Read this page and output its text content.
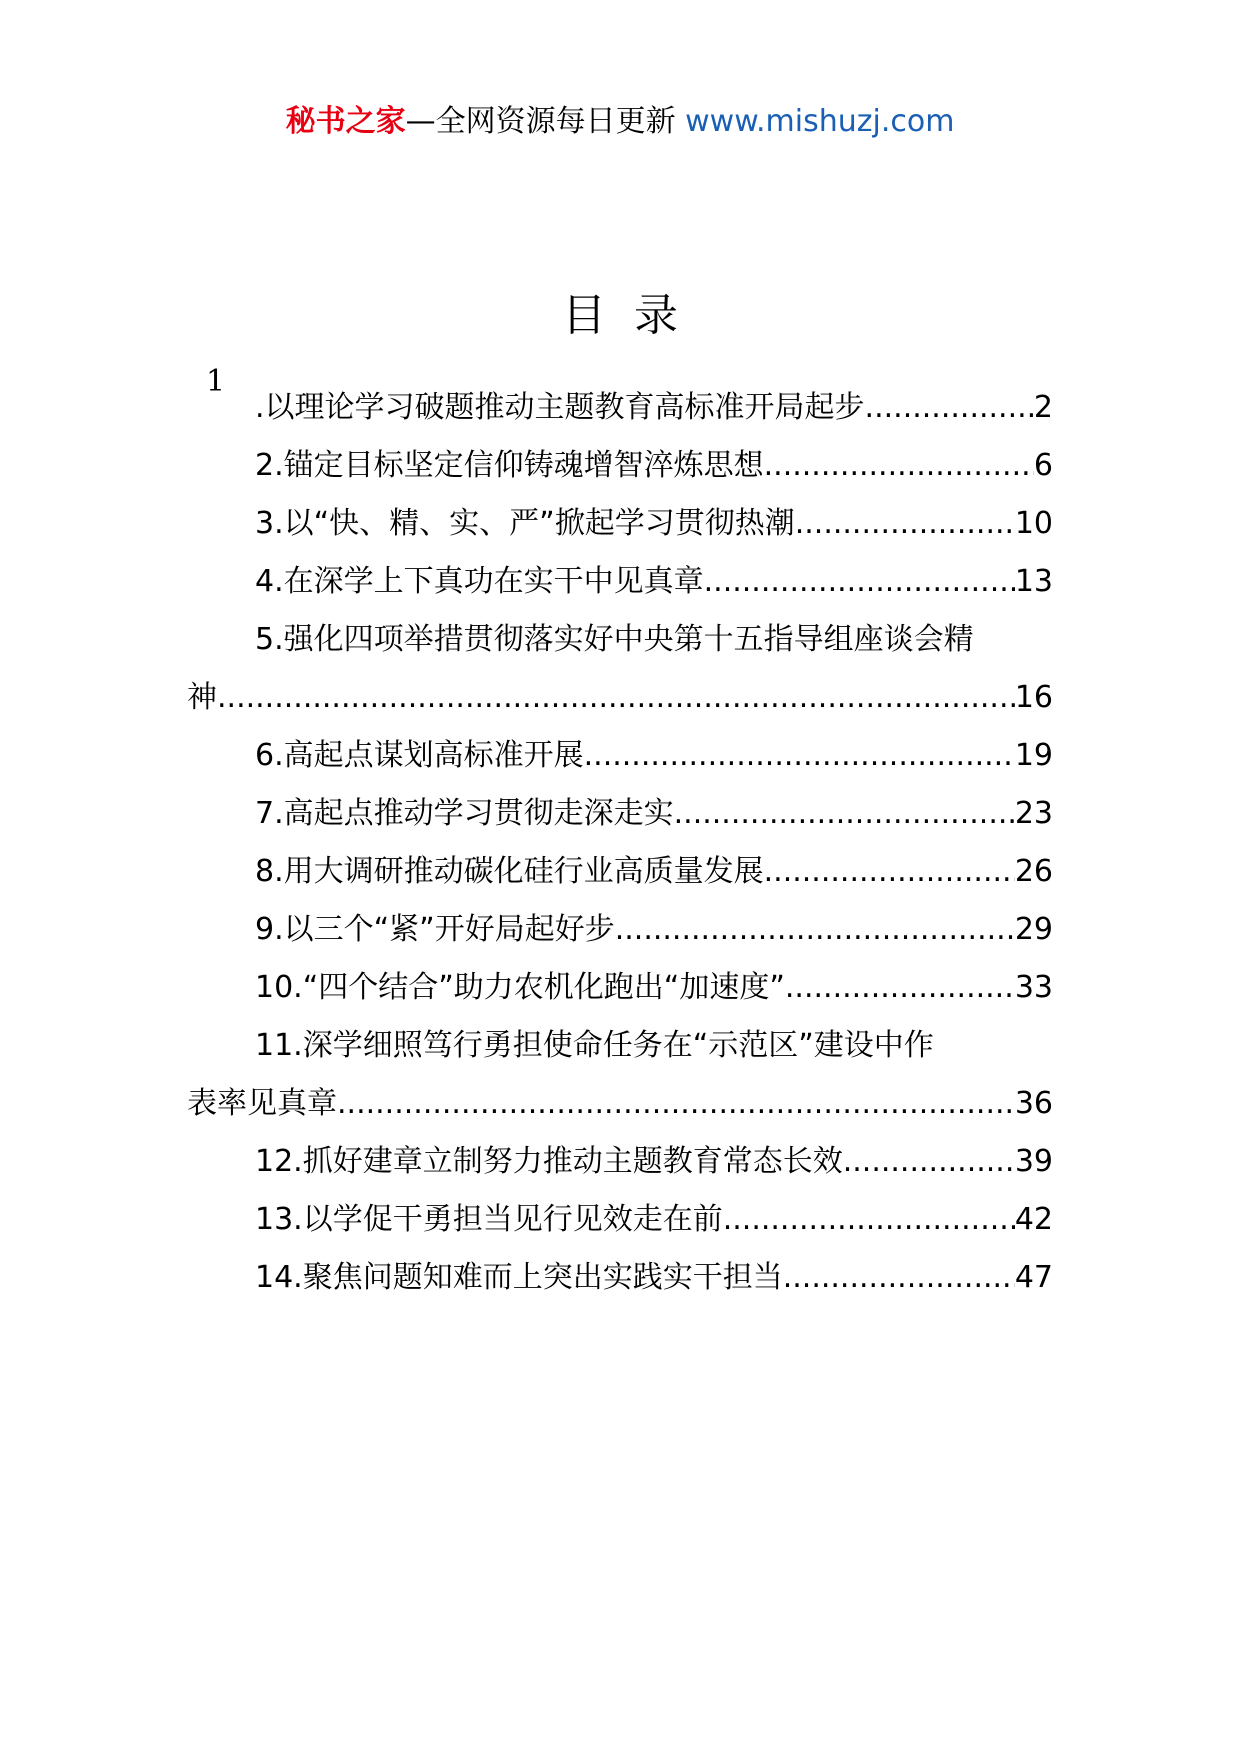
秘书之家—全网资源每日更新 www.mishuzj.com
目录
1
.以理论学习破题推动主题教育高标准开局起步 .....	2
2.锚定目标坚定信仰铸魂增智淬炼思想 .....	6
3.以“快、精、实、严”掀起学习贯彻热潮 .....	10
4.在深学上下真功在实干中见真章 .....	13
5.强化四项举措贯彻落实好中央第十五指导组座谈会精
神 .....	16
6.高起点谋划高标准开展 .....	19
7.高起点推动学习贯彻走深走实 .....	23
8.用大调研推动碳化硅行业高质量发展 .....	26
9.以三个“紧”开好局起好步 .....	29
10.“四个结合”助力农机化跑出“加速度” .....	33
11.深学细照笃行勇担使命任务在“示范区”建设中作
表率见真章 .....	36
12.抓好建章立制努力推动主题教育常态长效 .....	39
13.以学促干勇担当见行见效走在前 .....	42
14.聚焦问题知难而上突出实践实干担当 .....	47
